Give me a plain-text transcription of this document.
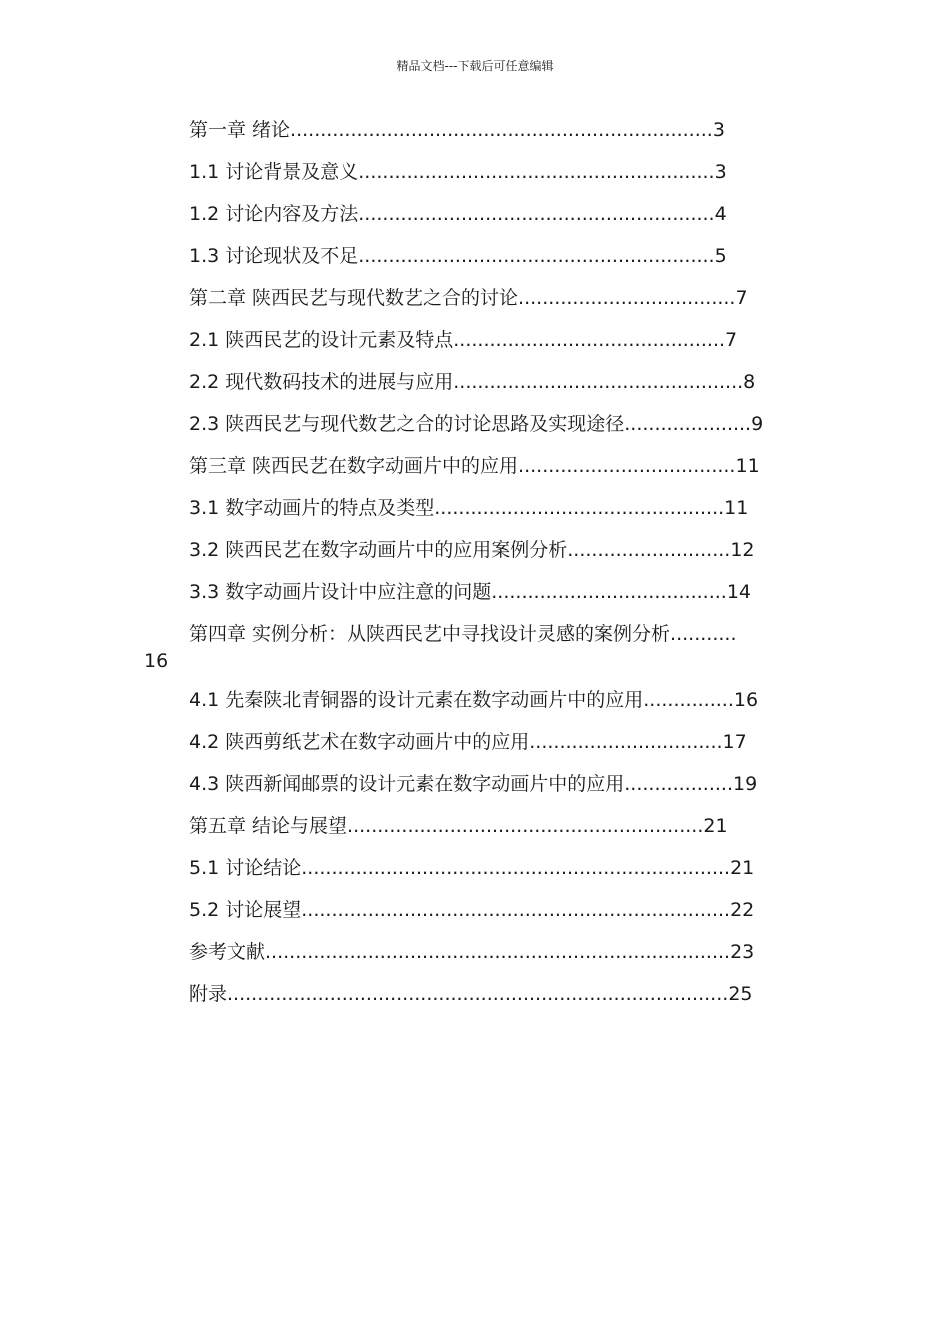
精品文档---下载后可任意编辑
第一章 绪论......................................................................3
1.1 讨论背景及意义...........................................................3
1.2 讨论内容及方法...........................................................4
1.3 讨论现状及不足...........................................................5
第二章 陕西民艺与现代数艺之合的讨论....................................7
2.1 陕西民艺的设计元素及特点.............................................7
2.2 现代数码技术的进展与应用................................................8
2.3 陕西民艺与现代数艺之合的讨论思路及实现途径.....................9
第三章 陕西民艺在数字动画片中的应用....................................11
3.1 数字动画片的特点及类型................................................11
3.2 陕西民艺在数字动画片中的应用案例分析...........................12
3.3 数字动画片设计中应注意的问题.......................................14
第四章 实例分析：从陕西民艺中寻找设计灵感的案例分析...........
16
4.1 先秦陕北青铜器的设计元素在数字动画片中的应用...............16
4.2 陕西剪纸艺术在数字动画片中的应用................................17
4.3 陕西新闻邮票的设计元素在数字动画片中的应用..................19
第五章 结论与展望...........................................................21
5.1 讨论结论.......................................................................21
5.2 讨论展望.......................................................................22
参考文献.............................................................................23
附录...................................................................................25
